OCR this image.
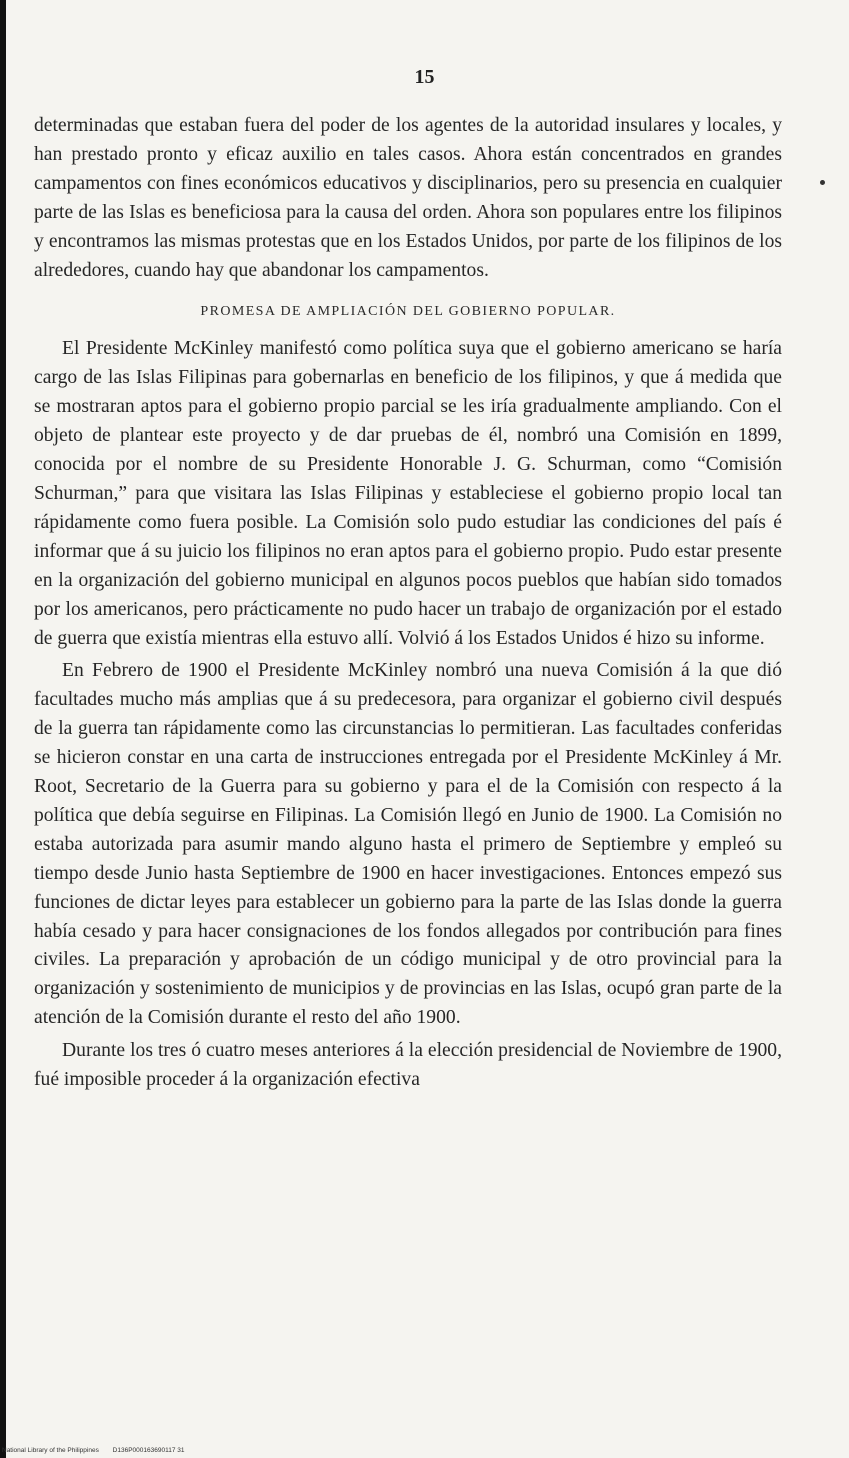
15

determinadas que estaban fuera del poder de los agentes de la autoridad insulares y locales, y han prestado pronto y eficaz auxilio en tales casos. Ahora están concentrados en grandes campamentos con fines económicos educativos y disciplinarios, pero su presencia en cualquier parte de las Islas es beneficiosa para la causa del orden. Ahora son populares entre los filipinos y encontramos las mismas protestas que en los Estados Unidos, por parte de los filipinos de los alrededores, cuando hay que abandonar los campamentos.

PROMESA DE AMPLIACIÓN DEL GOBIERNO POPULAR.

El Presidente McKinley manifestó como política suya que el gobierno americano se haría cargo de las Islas Filipinas para gobernarlas en beneficio de los filipinos, y que á medida que se mostraran aptos para el gobierno propio parcial se les iría gradualmente ampliando. Con el objeto de plantear este proyecto y de dar pruebas de él, nombró una Comisión en 1899, conocida por el nombre de su Presidente Honorable J. G. Schurman, como “Comisión Schurman,” para que visitara las Islas Filipinas y estableciese el gobierno propio local tan rápidamente como fuera posible. La Comisión solo pudo estudiar las condiciones del país é informar que á su juicio los filipinos no eran aptos para el gobierno propio. Pudo estar presente en la organización del gobierno municipal en algunos pocos pueblos que habían sido tomados por los americanos, pero prácticamente no pudo hacer un trabajo de organización por el estado de guerra que existía mientras ella estuvo allí. Volvió á los Estados Unidos é hizo su informe.

En Febrero de 1900 el Presidente McKinley nombró una nueva Comisión á la que dió facultades mucho más amplias que á su predecesora, para organizar el gobierno civil después de la guerra tan rápidamente como las circunstancias lo permitieran. Las facultades conferidas se hicieron constar en una carta de instrucciones entregada por el Presidente McKinley á Mr. Root, Secretario de la Guerra para su gobierno y para el de la Comisión con respecto á la política que debía seguirse en Filipinas. La Comisión llegó en Junio de 1900. La Comisión no estaba autorizada para asumir mando alguno hasta el primero de Septiembre y empleó su tiempo desde Junio hasta Septiembre de 1900 en hacer investigaciones. Entonces empezó sus funciones de dictar leyes para establecer un gobierno para la parte de las Islas donde la guerra había cesado y para hacer consignaciones de los fondos allegados por contribución para fines civiles. La preparación y aprobación de un código municipal y de otro provincial para la organización y sostenimiento de municipios y de provincias en las Islas, ocupó gran parte de la atención de la Comisión durante el resto del año 1900.

Durante los tres ó cuatro meses anteriores á la elección presidencial de Noviembre de 1900, fué imposible proceder á la organización efectiva

National Library of the Philippines D136P000163690117 31
